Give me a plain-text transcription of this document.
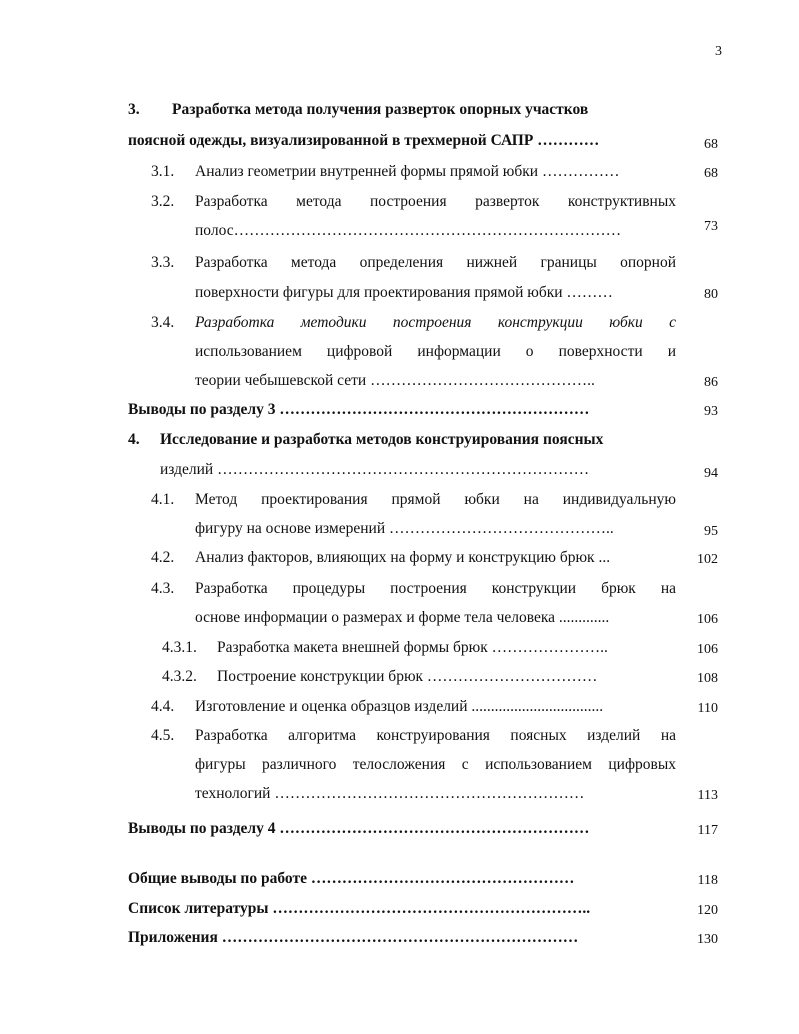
3
3. Разработка метода получения разверток опорных участков
поясной одежды, визуализированной в трехмерной САПР …………	68
3.1. Анализ геометрии внутренней формы прямой юбки ……………	68
3.2. Разработка метода построения разверток конструктивных
полос…………………………………………………………………	73
3.3. Разработка метода определения нижней границы опорной
поверхности фигуры для проектирования прямой юбки ………	80
3.4. Разработка методики построения конструкции юбки с
использованием цифровой информации о поверхности и
теории чебышевской сети ……………………………………..	86
Выводы по разделу 3 ……………………………………………………	93
4. Исследование и разработка методов конструирования поясных
изделий ………………………………………………………………	94
4.1. Метод проектирования прямой юбки на индивидуальную
фигуру на основе измерений ……………………………………..	95
4.2. Анализ факторов, влияющих на форму и конструкцию брюк ...	102
4.3. Разработка процедуры построения конструкции брюк на
основе информации о размерах и форме тела человека .............	106
4.3.1. Разработка макета внешней формы брюк …………………..	106
4.3.2. Построение конструкции брюк ……………………………	108
4.4. Изготовление и оценка образцов изделий ..................................	110
4.5. Разработка алгоритма конструирования поясных изделий на
фигуры различного телосложения с использованием цифровых
технологий ……………………………………………………	113
Выводы по разделу 4 ……………………………………………………	117
Общие выводы по работе ……………………………………………	118
Список литературы ……………………………………………………..	120
Приложения ……………………………………………………………	130
